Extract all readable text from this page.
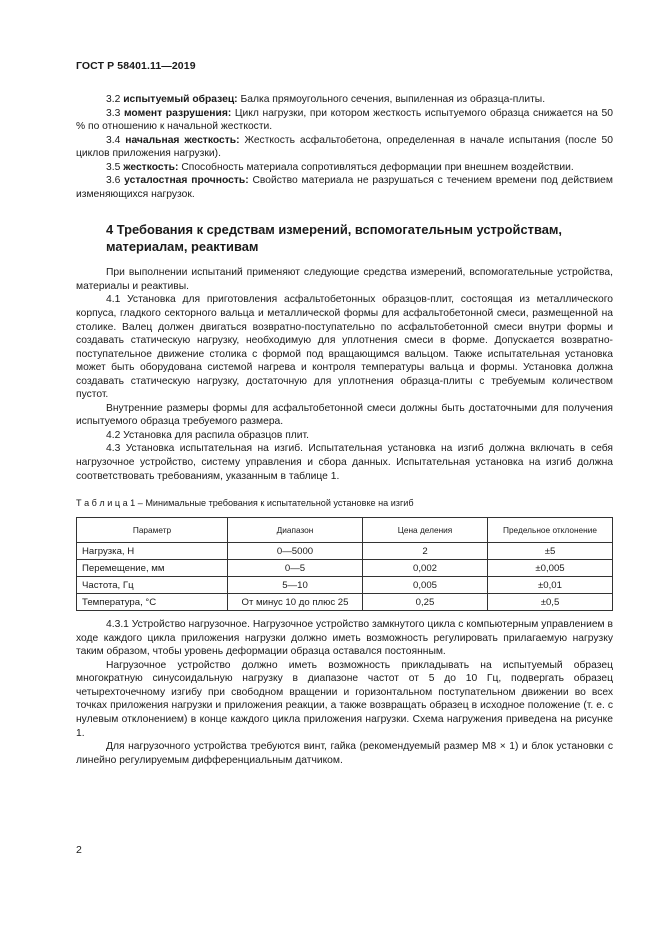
ГОСТ Р 58401.11—2019

3.2 испытуемый образец: Балка прямоугольного сечения, выпиленная из образца-плиты.

3.3 момент разрушения: Цикл нагрузки, при котором жесткость испытуемого образца снижается на 50 % по отношению к начальной жесткости.

3.4 начальная жесткость: Жесткость асфальтобетона, определенная в начале испытания (после 50 циклов приложения нагрузки).

3.5 жесткость: Способность материала сопротивляться деформации при внешнем воздействии.

3.6 усталостная прочность: Свойство материала не разрушаться с течением времени под действием изменяющихся нагрузок.

4 Требования к средствам измерений, вспомогательным устройствам, материалам, реактивам

При выполнении испытаний применяют следующие средства измерений, вспомогательные устройства, материалы и реактивы.

4.1 Установка для приготовления асфальтобетонных образцов-плит, состоящая из металлического корпуса, гладкого секторного вальца и металлической формы для асфальтобетонной смеси, размещенной на столике. Валец должен двигаться возвратно-поступательно по асфальтобетонной смеси внутри формы и создавать статическую нагрузку, необходимую для уплотнения смеси в форме. Допускается возвратно-поступательное движение столика с формой под вращающимся вальцом. Также испытательная установка может быть оборудована системой нагрева и контроля температуры вальца и формы. Установка должна создавать статическую нагрузку, достаточную для уплотнения образца-плиты с требуемым количеством пустот.

Внутренние размеры формы для асфальтобетонной смеси должны быть достаточными для получения испытуемого образца требуемого размера.

4.2 Установка для распила образцов плит.

4.3 Установка испытательная на изгиб. Испытательная установка на изгиб должна включать в себя нагрузочное устройство, систему управления и сбора данных. Испытательная установка на изгиб должна соответствовать требованиям, указанным в таблице 1.

Т а б л и ц а 1 – Минимальные требования к испытательной установке на изгиб
Параметр	Диапазон	Цена деления	Предельное отклонение
Нагрузка, Н	0—5000	2	±5
Перемещение, мм	0—5	0,002	±0,005
Частота, Гц	5—10	0,005	±0,01
Температура, °С	От минус 10 до плюс 25	0,25	±0,5

4.3.1 Устройство нагрузочное. Нагрузочное устройство замкнутого цикла с компьютерным управлением в ходе каждого цикла приложения нагрузки должно иметь возможность регулировать прилагаемую нагрузку таким образом, чтобы уровень деформации образца оставался постоянным.

Нагрузочное устройство должно иметь возможность прикладывать на испытуемый образец многократную синусоидальную нагрузку в диапазоне частот от 5 до 10 Гц, подвергать образец четырехточечному изгибу при свободном вращении и горизонтальном поступательном движении во всех точках приложения нагрузки и приложения реакции, а также возвращать образец в исходное положение (т. е. с нулевым отклонением) в конце каждого цикла приложения нагрузки. Схема нагружения приведена на рисунке 1.

Для нагрузочного устройства требуются винт, гайка (рекомендуемый размер М8 × 1) и блок установки с линейно регулируемым дифференциальным датчиком.

2
